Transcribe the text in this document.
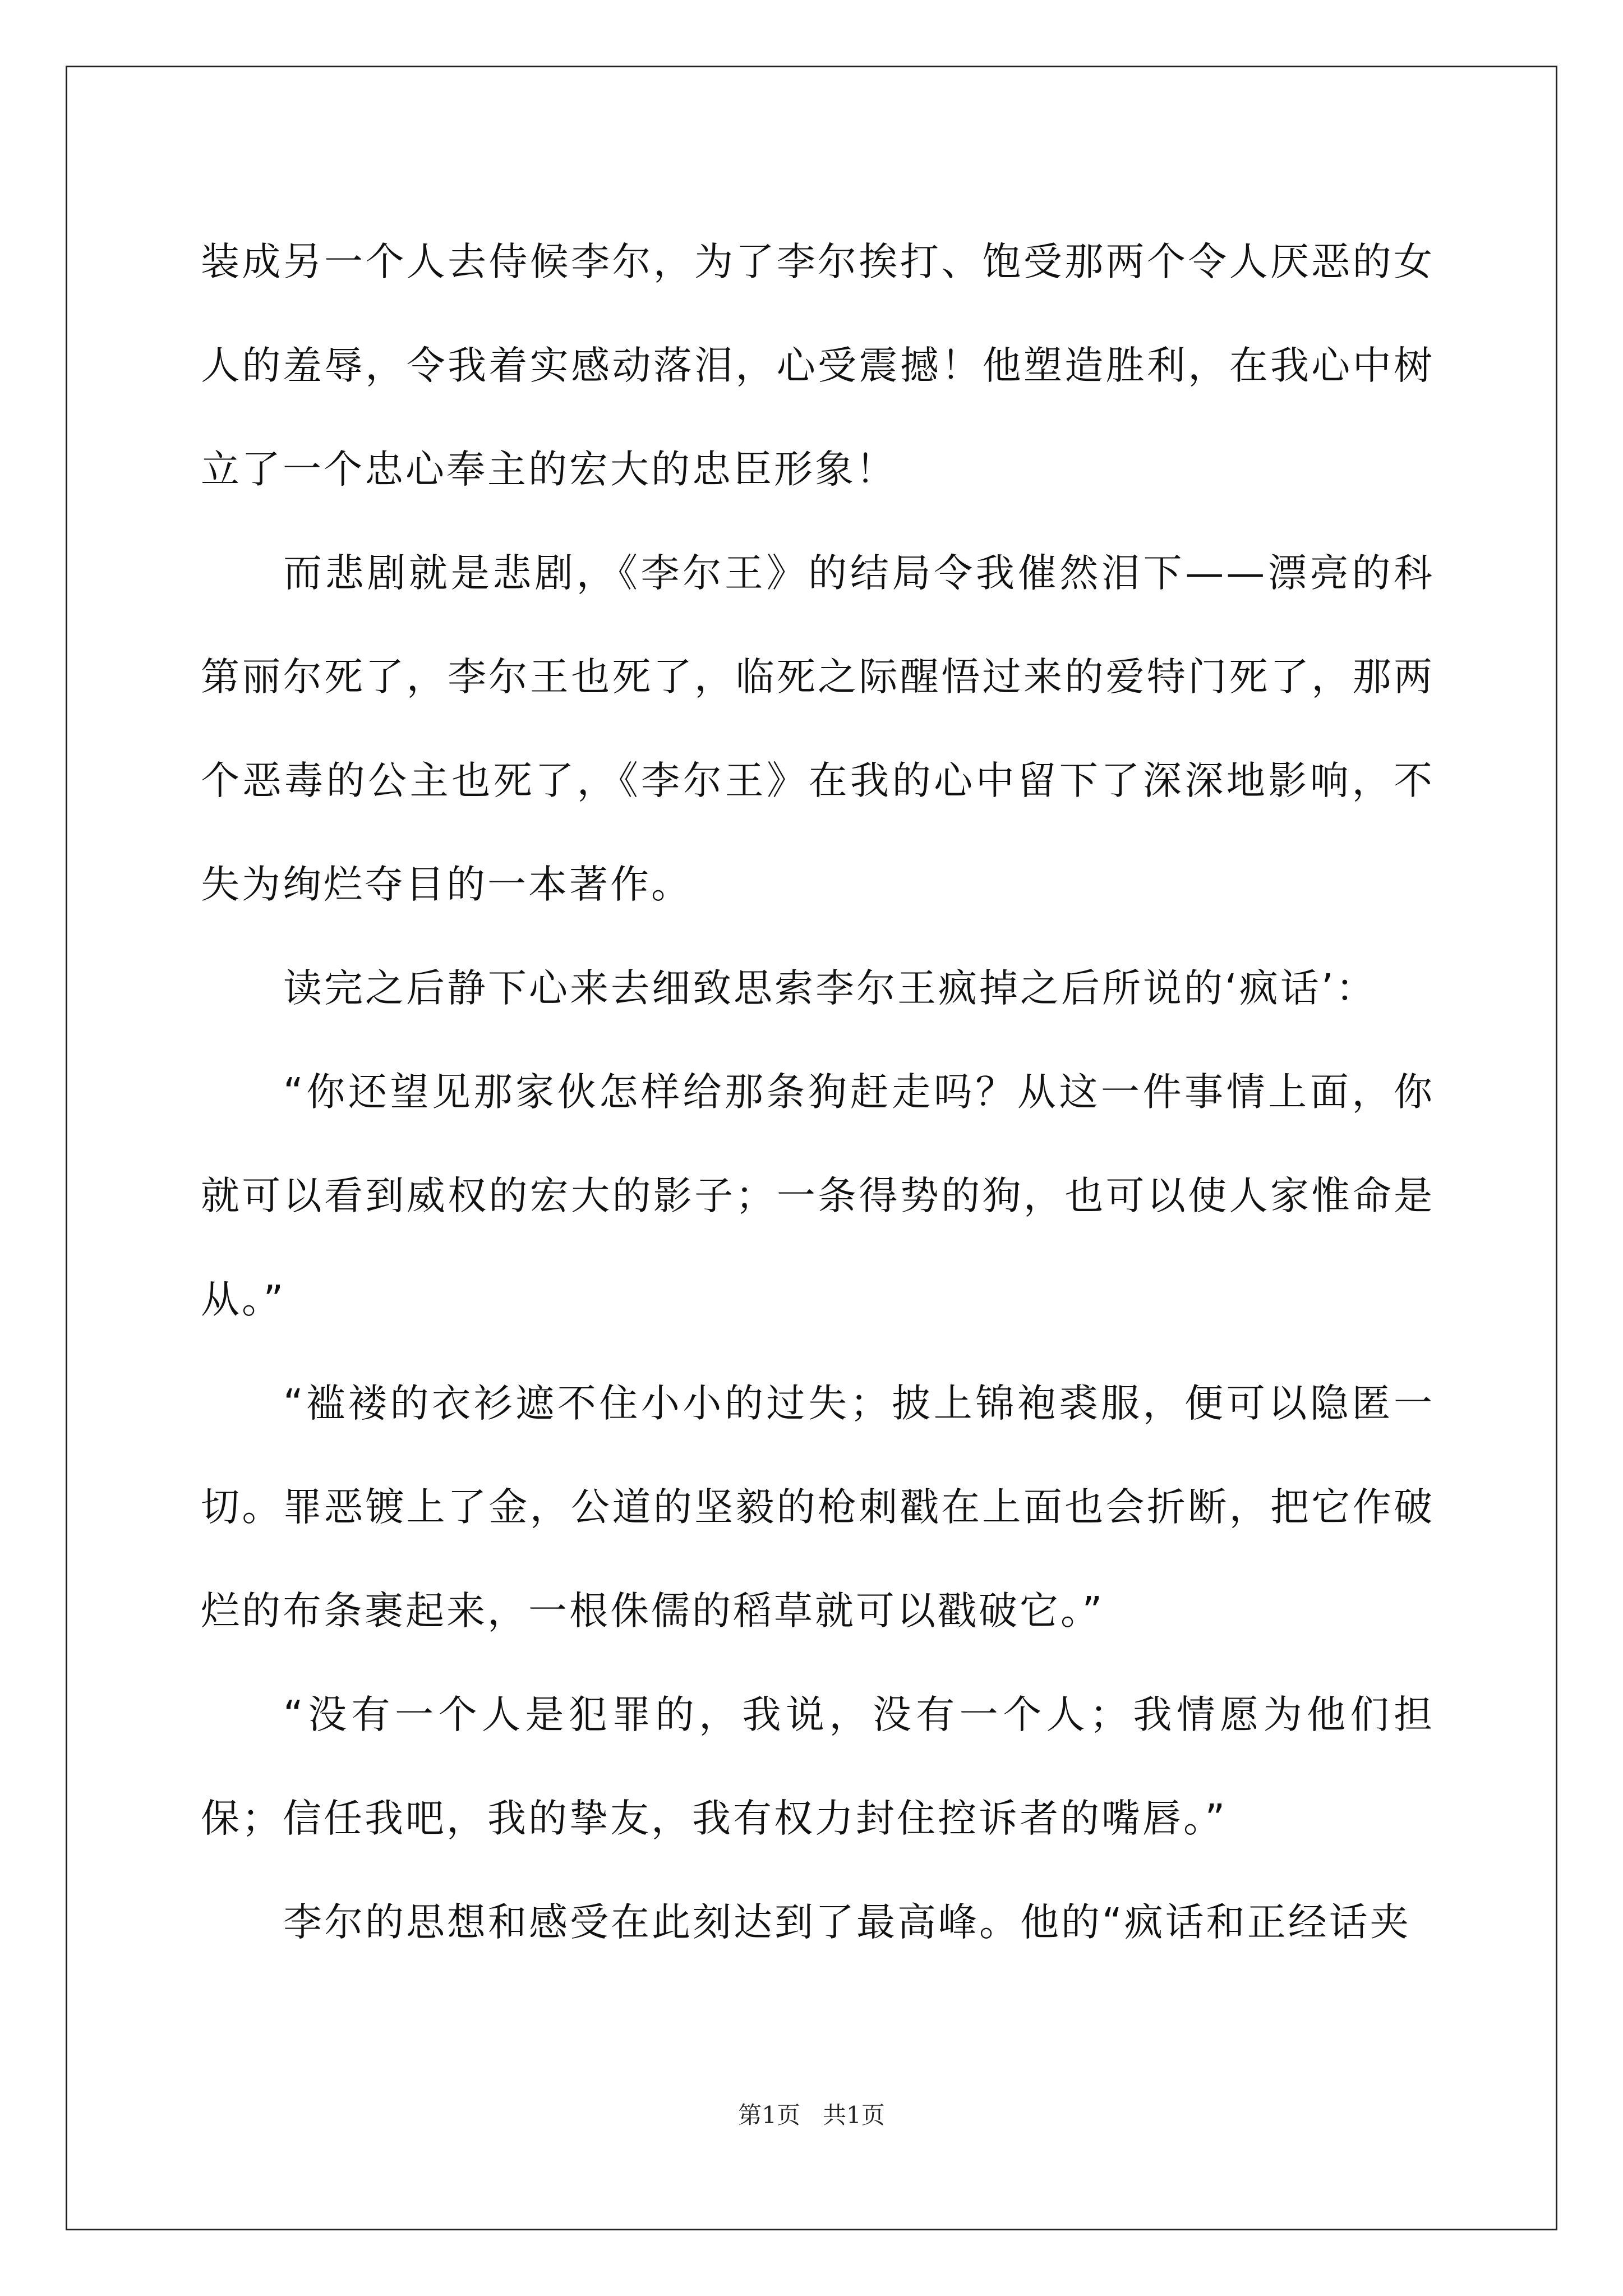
装成另一个人去侍候李尔，为了李尔挨打、饱受那两个令人厌恶的女人的羞辱，令我着实感动落泪，心受震撼！他塑造胜利，在我心中树立了一个忠心奉主的宏大的忠臣形象！

而悲剧就是悲剧，《李尔王》的结局令我催然泪下——漂亮的科第丽尔死了，李尔王也死了，临死之际醒悟过来的爱特门死了，那两个恶毒的公主也死了，《李尔王》在我的心中留下了深深地影响，不失为绚烂夺目的一本著作。

读完之后静下心来去细致思索李尔王疯掉之后所说的‘疯话’：

“你还望见那家伙怎样给那条狗赶走吗？从这一件事情上面，你就可以看到威权的宏大的影子；一条得势的狗，也可以使人家惟命是从。”

“褴褛的衣衫遮不住小小的过失；披上锦袍裘服，便可以隐匿一切。罪恶镀上了金，公道的坚毅的枪刺戳在上面也会折断，把它作破烂的布条裹起来，一根侏儒的稻草就可以戳破它。”

“没有一个人是犯罪的，我说，没有一个人；我情愿为他们担保；信任我吧，我的挚友，我有权力封住控诉者的嘴唇。”

李尔的思想和感受在此刻达到了最高峰。他的“疯话和正经话夹

第1页   共1页
